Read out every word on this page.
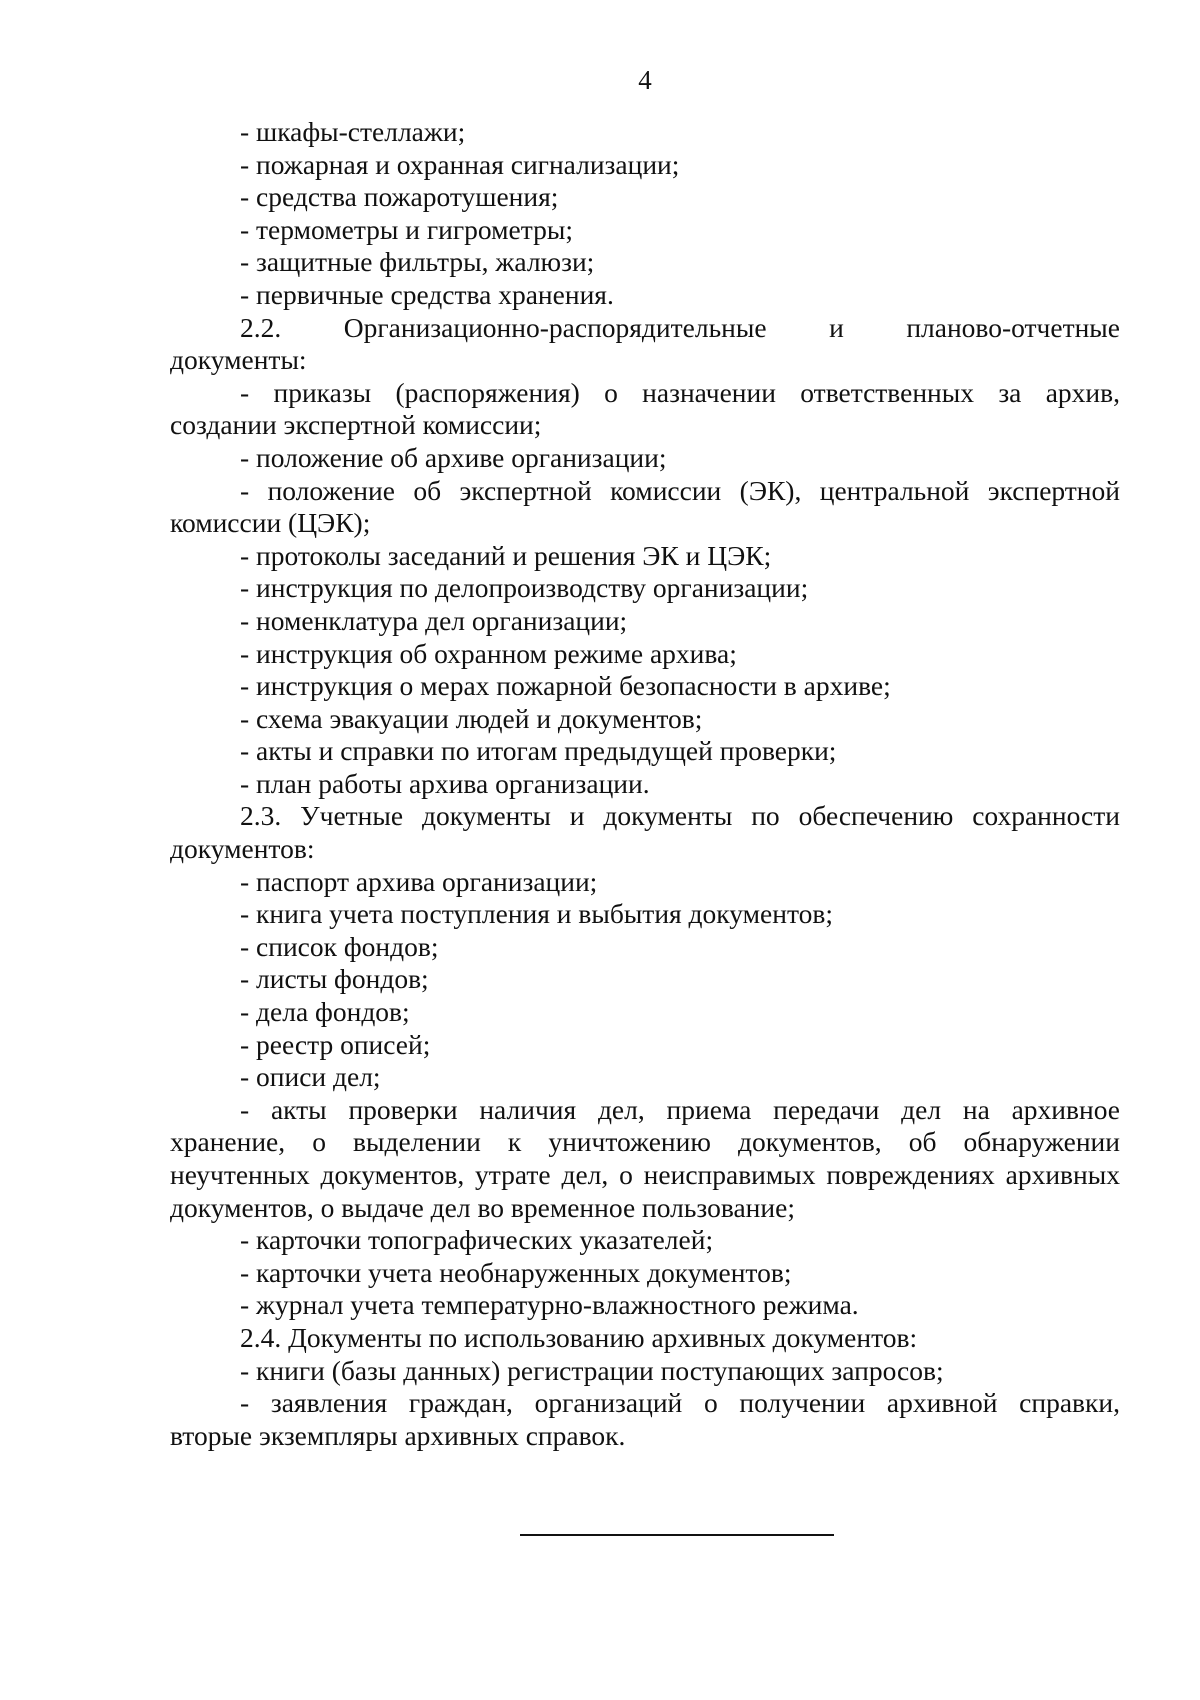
4
- шкафы-стеллажи;
- пожарная и охранная сигнализации;
- средства пожаротушения;
- термометры и гигрометры;
- защитные фильтры, жалюзи;
- первичные средства хранения.
2.2. Организационно-распорядительные и планово-отчетные
документы:
- приказы (распоряжения) о назначении ответственных за архив,
создании экспертной комиссии;
- положение об архиве организации;
- положение об экспертной комиссии (ЭК), центральной экспертной
комиссии (ЦЭК);
- протоколы заседаний и решения ЭК и ЦЭК;
- инструкция по делопроизводству организации;
- номенклатура дел организации;
- инструкция об охранном режиме архива;
- инструкция о мерах пожарной безопасности в архиве;
- схема эвакуации людей и документов;
- акты и справки по итогам предыдущей проверки;
- план работы архива организации.
2.3. Учетные документы и документы по обеспечению сохранности
документов:
- паспорт архива организации;
- книга учета поступления и выбытия документов;
- список фондов;
- листы фондов;
- дела фондов;
- реестр описей;
- описи дел;
- акты проверки наличия дел, приема передачи дел на архивное
хранение, о выделении к уничтожению документов, об обнаружении
неучтенных документов, утрате дел, о неисправимых повреждениях архивных
документов, о выдаче дел во временное пользование;
- карточки топографических указателей;
- карточки учета необнаруженных документов;
- журнал учета температурно-влажностного режима.
2.4. Документы по использованию архивных документов:
- книги (базы данных) регистрации поступающих запросов;
- заявления граждан, организаций о получении архивной справки,
вторые экземпляры архивных справок.
